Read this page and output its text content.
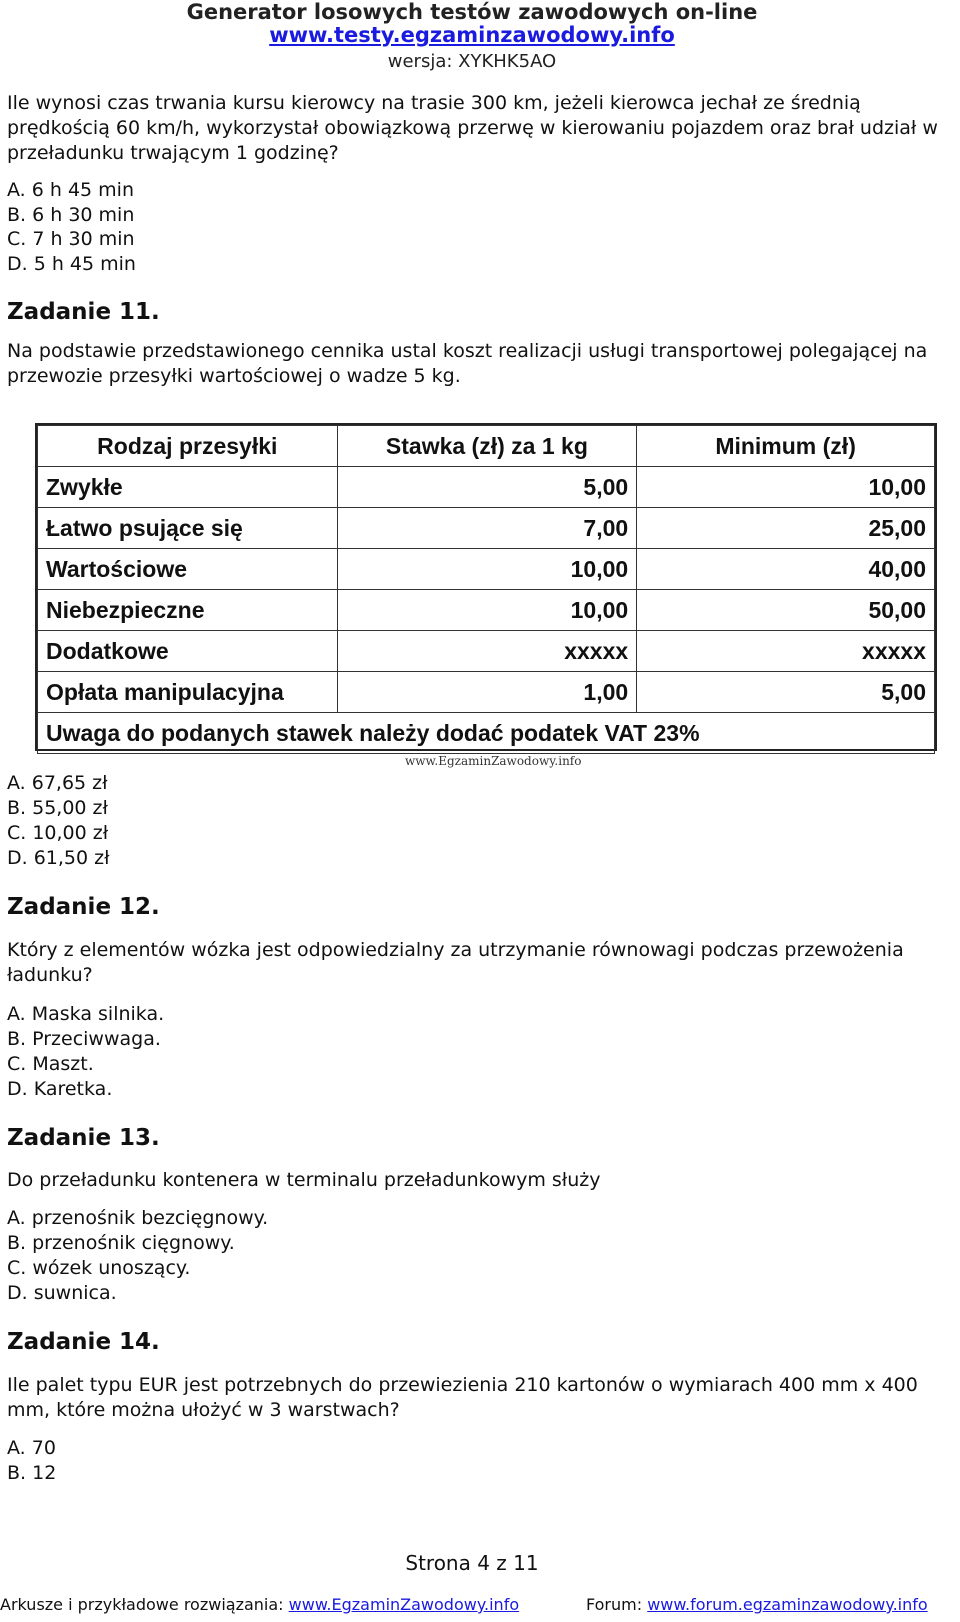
Generator losowych testów zawodowych on-line
www.testy.egzaminzawodowy.info
wersja: XYKHK5AO
Ile wynosi czas trwania kursu kierowcy na trasie 300 km, jeżeli kierowca jechał ze średnią prędkością 60 km/h, wykorzystał obowiązkową przerwę w kierowaniu pojazdem oraz brał udział w przeładunku trwającym 1 godzinę?
A. 6 h 45 min
B. 6 h 30 min
C. 7 h 30 min
D. 5 h 45 min
Zadanie 11.
Na podstawie przedstawionego cennika ustal koszt realizacji usługi transportowej polegającej na przewozie przesyłki wartościowej o wadze 5 kg.
Rodzaj przesyłki	Stawka (zł) za 1 kg	Minimum (zł)
Zwykłe	5,00	10,00
Łatwo psujące się	7,00	25,00
Wartościowe	10,00	40,00
Niebezpieczne	10,00	50,00
Dodatkowe	xxxxx	xxxxx
Opłata manipulacyjna	1,00	5,00
Uwaga do podanych stawek należy dodać podatek VAT 23%		
www.EgzaminZawodowy.info
A. 67,65 zł
B. 55,00 zł
C. 10,00 zł
D. 61,50 zł
Zadanie 12.
Który z elementów wózka jest odpowiedzialny za utrzymanie równowagi podczas przewożenia ładunku?
A. Maska silnika.
B. Przeciwwaga.
C. Maszt.
D. Karetka.
Zadanie 13.
Do przeładunku kontenera w terminalu przeładunkowym służy
A. przenośnik bezcięgnowy.
B. przenośnik cięgnowy.
C. wózek unoszący.
D. suwnica.
Zadanie 14.
Ile palet typu EUR jest potrzebnych do przewiezienia 210 kartonów o wymiarach 400 mm x 400 mm, które można ułożyć w 3 warstwach?
A. 70
B. 12
Strona 4 z 11
Arkusze i przykładowe rozwiązania: www.EgzaminZawodowy.info	Forum: www.forum.egzaminzawodowy.info
